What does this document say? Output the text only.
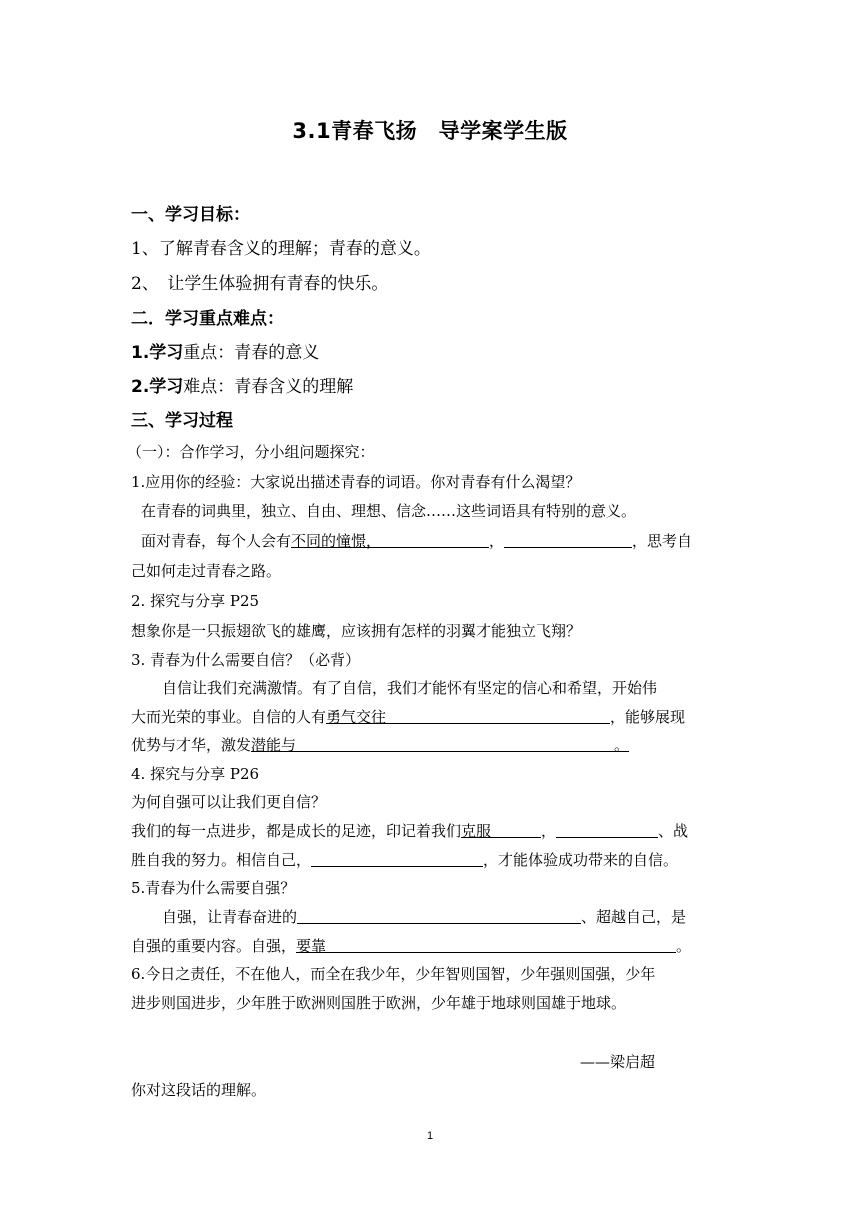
3.1青春飞扬　导学案学生版
一、学习目标：
1、了解青春含义的理解；青春的意义。
2、　让学生体验拥有青春的快乐。
二．学习重点难点：
1.学习重点：青春的意义
2.学习难点：青春含义的理解
三、学习过程
（一）：合作学习，分小组问题探究：
1.应用你的经验：大家说出描述青春的词语。你对青春有什么渴望？
在青春的词典里，独立、自由、理想、信念……这些词语具有特别的意义。
面对青春，每个人会有不同的憧憬，	，	，思考自
己如何走过青春之路。
2. 探究与分享 P25
想象你是一只振翅欲飞的雄鹰，应该拥有怎样的羽翼才能独立飞翔？
3. 青春为什么需要自信？（必背）
自信让我们充满激情。有了自信，我们才能怀有坚定的信心和希望，开始伟
大而光荣的事业。自信的人有勇气交往	，能够展现
优势与才华，激发潜能与	。
4. 探究与分享 P26
为何自强可以让我们更自信？
我们的每一点进步，都是成长的足迹，印记着我们克服	，	、战
胜自我的努力。相信自己，	，才能体验成功带来的自信。
5.青春为什么需要自强？
自强，让青春奋进的	、超越自己，是
自强的重要内容。自强，要靠	。
6.今日之责任，不在他人，而全在我少年，少年智则国智，少年强则国强，少年
进步则国进步，少年胜于欧洲则国胜于欧洲，少年雄于地球则国雄于地球。
——梁启超
你对这段话的理解。
1
